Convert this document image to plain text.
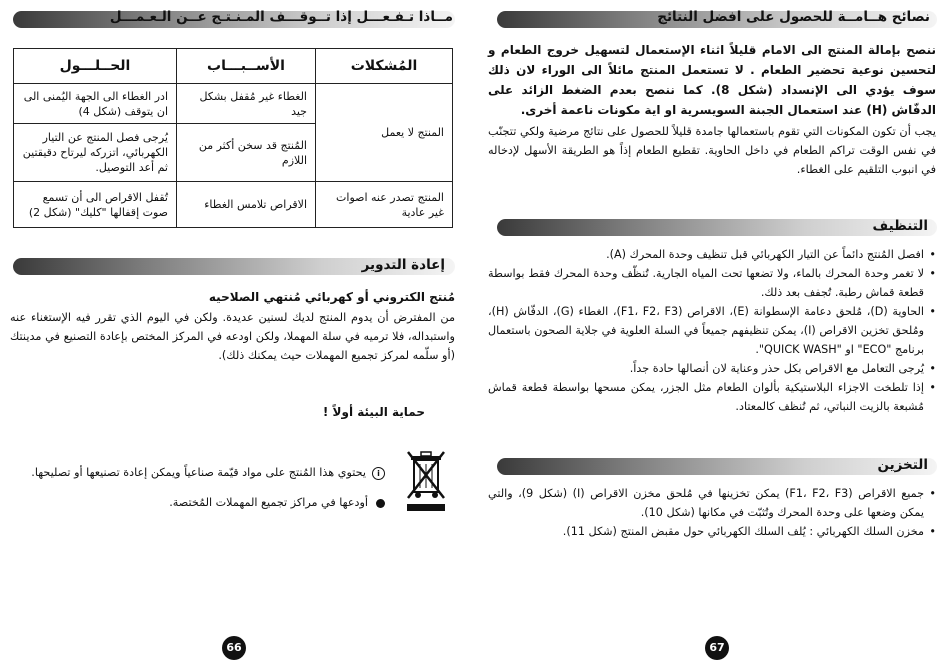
مــاذا تـفـعـــل إذا تــوقـــف المـنـتـج عــن الـعـمـــل
المُشكلات	الأســبـــاب	الحــلـــول
المنتج لا يعمل	الغطاء غير مُقفل بشكل جيد	ادر الغطاء الى الجهة اليُمنى الى ان يتوقف (شكل 4)
	المُنتج قد سخن أكثر من اللازم	يُرجى فصل المنتج عن التيار الكهربائي، اتزركه ليرتاح دقيقتين ثم أعد التوصيل.
المنتج تصدر عنه اصوات غير عادية	الاقراص تلامس الغطاء	تُقفل الاقراص الى أن تسمع صوت إقفالها "كليك" (شكل 2)
إعادة التدوير
مُنتج الكتروني أو كهربائي مُنتهي الصلاحيه
من المفترض أن يدوم المنتج لديك لسنين عديدة. ولكن في اليوم الذي تقرر فيه الإستغناء عنه واستبداله، فلا ترميه في سلة المهملا، ولكن اودعه في المركز المختص بإعادة التصنيع في مدينتك (أو سلّمه لمركز تجميع المهملات حيث يمكنك ذلك).
حماية البيئة أولاً !
iيحتوي هذا المُنتج على مواد قيّمة صناعياً ويمكن إعادة تصنيعها أو تصليحها.
أودعها في مراكز تجميع المهملات المُختصة.
66
نصائح هــامــة للحصول على افضل النتائج
ننصح بإمالة المنتج الى الامام قليلاً اثناء الإستعمال لتسهيل خروج الطعام و لتحسين نوعية تحضير الطعام . لا تستعمل المنتج مائلاً الى الوراء لان ذلك سوف يؤدي الى الإنسداد (شكل 8). كما ننصح بعدم الضغط الزائد على الدفّاش (H) عند استعمال الجبنة السويسرية او اية مكونات ناعمة أخرى.
يجب أن تكون المكونات التي تقوم باستعمالها جامدة قليلاً للحصول على نتائج مرضية ولكي تتجنّب في نفس الوقت تراكم الطعام في داخل الحاوية. تقطيع الطعام إذاً هو الطريقة الأسهل لإدخاله في انبوب التلقيم على الغطاء.
التنظيف
• افصل المُنتج دائماً عن التيار الكهربائي قبل تنظيف وحدة المحرك (A).
• لا تغمر وحدة المحرك بالماء، ولا تضعها تحت المياه الجارية. تُنظّف وحدة المحرك فقط بواسطة قطعة قماش رطبة. تُجفف بعد ذلك.
• الحاوية (D)، مُلحق دعامة الإسطوانة (E)، الاقراص (F1، F2، F3)، الغطاء (G)، الدفّاش (H)، ومُلحق تخزين الاقراص (I)، يمكن تنظيفهم جميعاً في السلة العلوية في جلاية الصحون باستعمال برنامج "ECO" او "QUICK WASH".
• يُرجى التعامل مع الاقراص بكل حذر وعناية لان أنصالها حادة جداً.
• إذا تلطخت الاجزاء البلاستيكية بألوان الطعام مثل الجزر، يمكن مسحها بواسطة قطعة قماش مُشبعة بالزيت النباتي، ثم تُنظف كالمعتاد.
التخزين
• جميع الاقراص (F1، F2، F3) يمكن تخزينها في مُلحق مخزن الاقراص (I) (شكل 9)، والتي يمكن وضعها على وحدة المحرك وتُثبّت في مكانها (شكل 10).
• مخزن السلك الكهربائي : يُلف السلك الكهربائي حول مقبض المنتج (شكل 11).
67
